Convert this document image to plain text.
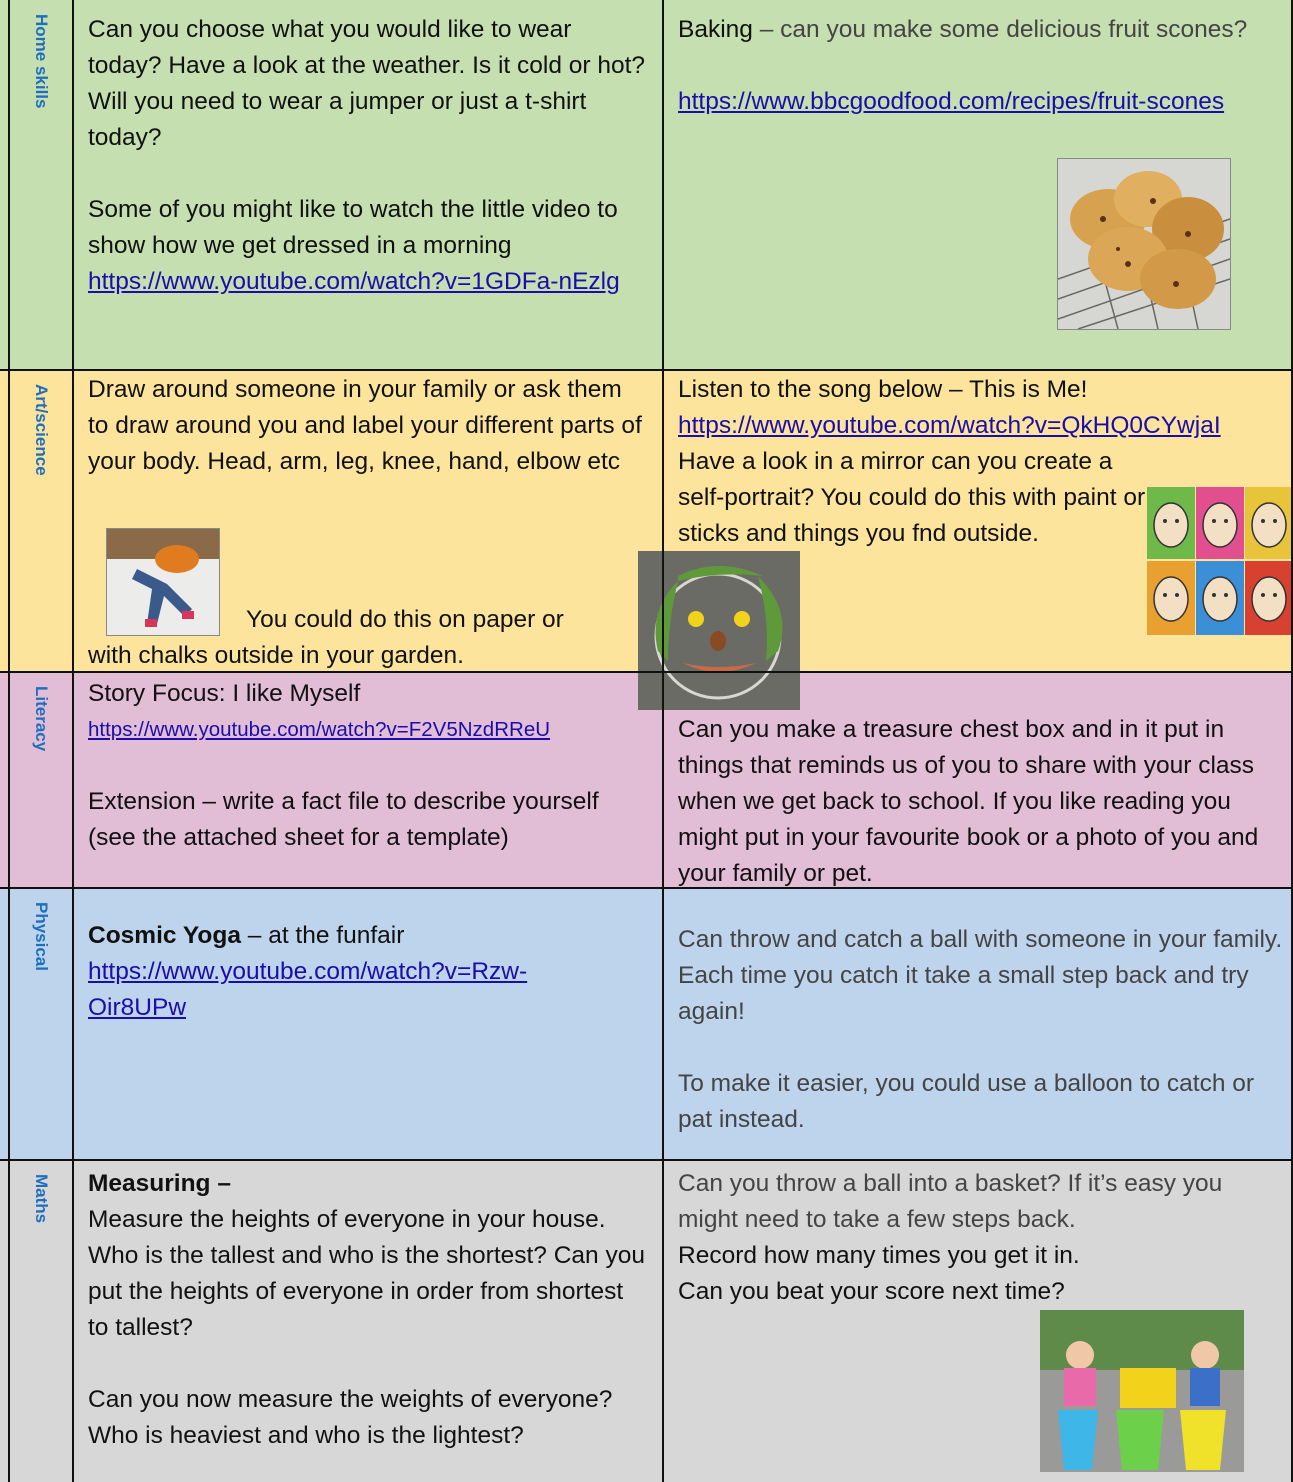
Home skills Can you choose what you would like to wear today? Have a look at the weather. Is it cold or hot? Will you need to wear a jumper or just a t-shirt today?

Some of you might like to watch the little video to show how we get dressed in a morning

https://www.youtube.com/watch?v=1GDFa-nEzlg

Baking – can you make some delicious fruit scones?

https://www.bbcgoodfood.com/recipes/fruit-scones

Art/science Draw around someone in your family or ask them to draw around you and label your different parts of your body. Head, arm, leg, knee, hand, elbow etc

You could do this on paper or
with chalks outside in your garden.

Listen to the song below – This is Me!

https://www.youtube.com/watch?v=QkHQ0CYwjaI

Have a look in a mirror can you create a self-portrait? You could do this with paint or sticks and things you fnd outside.

Literacy Story Focus: I like Myself

https://www.youtube.com/watch?v=F2V5NzdRReU

Extension – write a fact file to describe yourself (see the attached sheet for a template)

Can you make a treasure chest box and in it put in things that reminds us of you to share with your class when we get back to school. If you like reading you might put in your favourite book or a photo of you and your family or pet.
Physical Cosmic Yoga – at the funfair

https://www.youtube.com/watch?v=Rzw-Oir8UPw

Can throw and catch a ball with someone in your family. Each time you catch it take a small step back and try again!

To make it easier, you could use a balloon to catch or pat instead.

Maths Measuring –

Measure the heights of everyone in your house. Who is the tallest and who is the shortest? Can you put the heights of everyone in order from shortest to tallest?

Can you now measure the weights of everyone? Who is heaviest and who is the lightest?

Can you throw a ball into a basket? If it’s easy you might need to take a few steps back.

Record how many times you get it in.

Can you beat your score next time?
